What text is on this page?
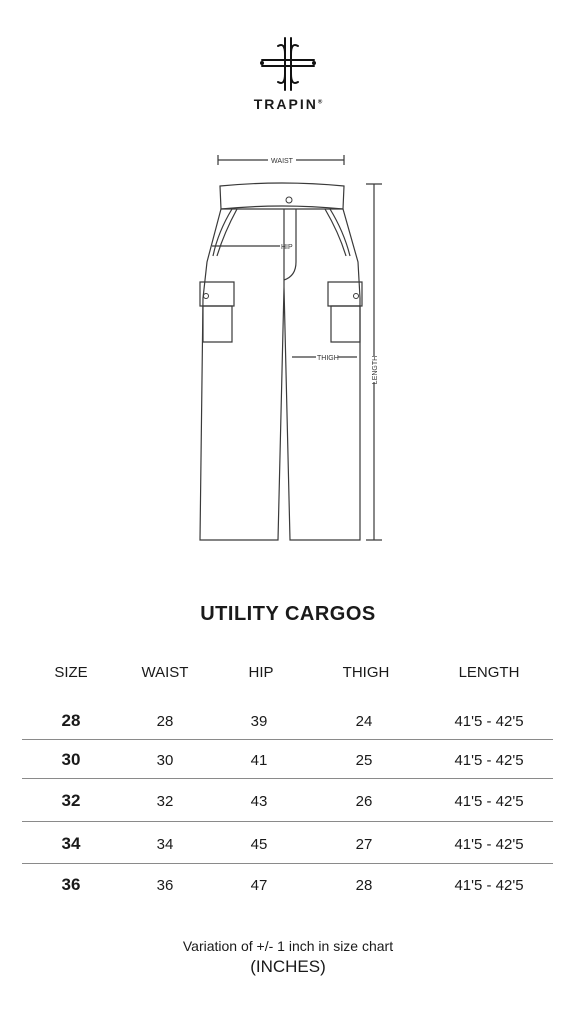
TRAPIN®
WAIST
HIP
THIGH	LENGTH
UTILITY CARGOS
SIZE	WAIST	HIP	THIGH	LENGTH
28	28	39	24	41'5 - 42'5
30	30	41	25	41'5 - 42'5
32	32	43	26	41'5 - 42'5
34	34	45	27	41'5 - 42'5
36	36	47	28	41'5 - 42'5
Variation of +/- 1 inch in size chart
(INCHES)
